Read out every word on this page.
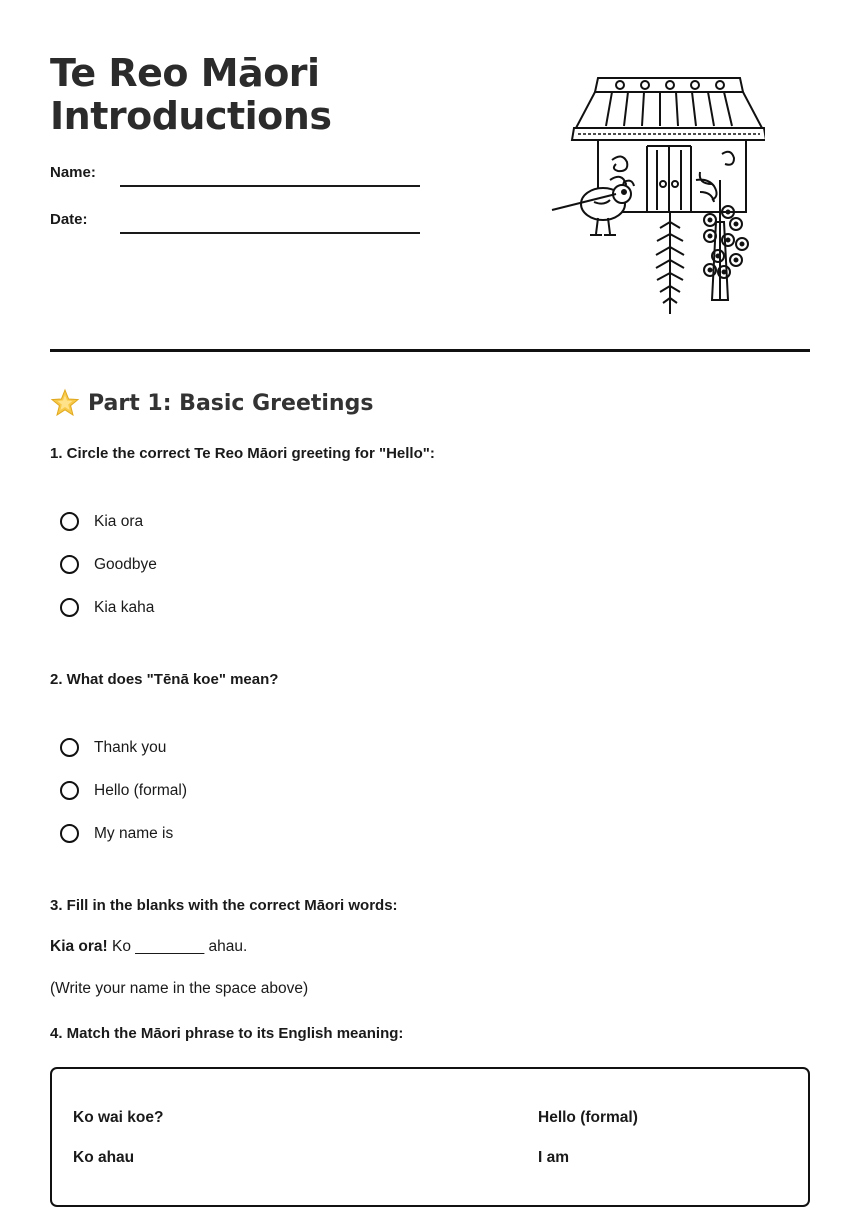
Te Reo Māori
Introductions
Name:
Date:
Part 1: Basic Greetings
1. Circle the correct Te Reo Māori greeting for "Hello":
Kia ora
Goodbye
Kia kaha
2. What does "Tēnā koe" mean?
Thank you
Hello (formal)
My name is
3. Fill in the blanks with the correct Māori words:
Kia ora! Ko ________ ahau.
(Write your name in the space above)
4. Match the Māori phrase to its English meaning:
Ko wai koe?	Hello (formal)
Ko ahau	I am
